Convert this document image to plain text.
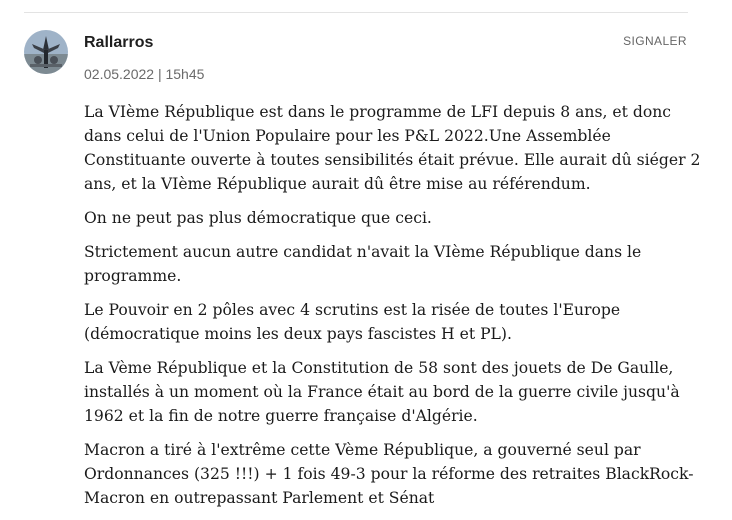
Rallarros	SIGNALER
02.05.2022 | 15h45

La VIème République est dans le programme de LFI depuis 8 ans, et donc dans celui de l'Union Populaire pour les P&L 2022.Une Assemblée Constituante ouverte à toutes sensibilités était prévue. Elle aurait dû siéger 2 ans, et la VIème République aurait dû être mise au référendum.

On ne peut pas plus démocratique que ceci.

Strictement aucun autre candidat n'avait la VIème République dans le programme.

Le Pouvoir en 2 pôles avec 4 scrutins est la risée de toutes l'Europe (démocratique moins les deux pays fascistes H et PL).

La Vème République et la Constitution de 58 sont des jouets de De Gaulle, installés à un moment où la France était au bord de la guerre civile jusqu'à 1962 et la fin de notre guerre française d'Algérie.

Macron a tiré à l'extrême cette Vème République, a gouverné seul par Ordonnances (325 !!!) + 1 fois 49-3 pour la réforme des retraites BlackRock-Macron en outrepassant Parlement et Sénat
